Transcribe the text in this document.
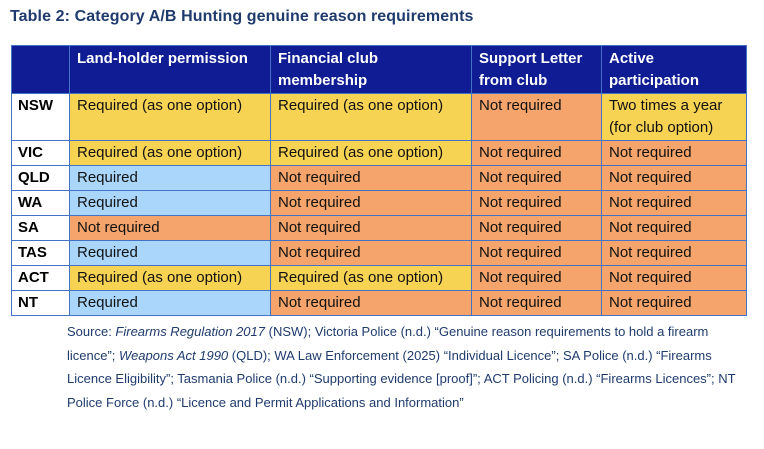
Table 2: Category A/B Hunting genuine reason requirements
	Land-holder permission	Financial club membership	Support Letter from club	Active participation
NSW	Required (as one option)	Required (as one option)	Not required	Two times a year (for club option)
VIC	Required (as one option)	Required (as one option)	Not required	Not required
QLD	Required	Not required	Not required	Not required
WA	Required	Not required	Not required	Not required
SA	Not required	Not required	Not required	Not required
TAS	Required	Not required	Not required	Not required
ACT	Required (as one option)	Required (as one option)	Not required	Not required
NT	Required	Not required	Not required	Not required
Source: Firearms Regulation 2017 (NSW); Victoria Police (n.d.) “Genuine reason requirements to hold a firearm licence”; Weapons Act 1990 (QLD); WA Law Enforcement (2025) “Individual Licence”; SA Police (n.d.) “Firearms Licence Eligibility”; Tasmania Police (n.d.) “Supporting evidence [proof]”; ACT Policing (n.d.) “Firearms Licences”; NT Police Force (n.d.) “Licence and Permit Applications and Information”
